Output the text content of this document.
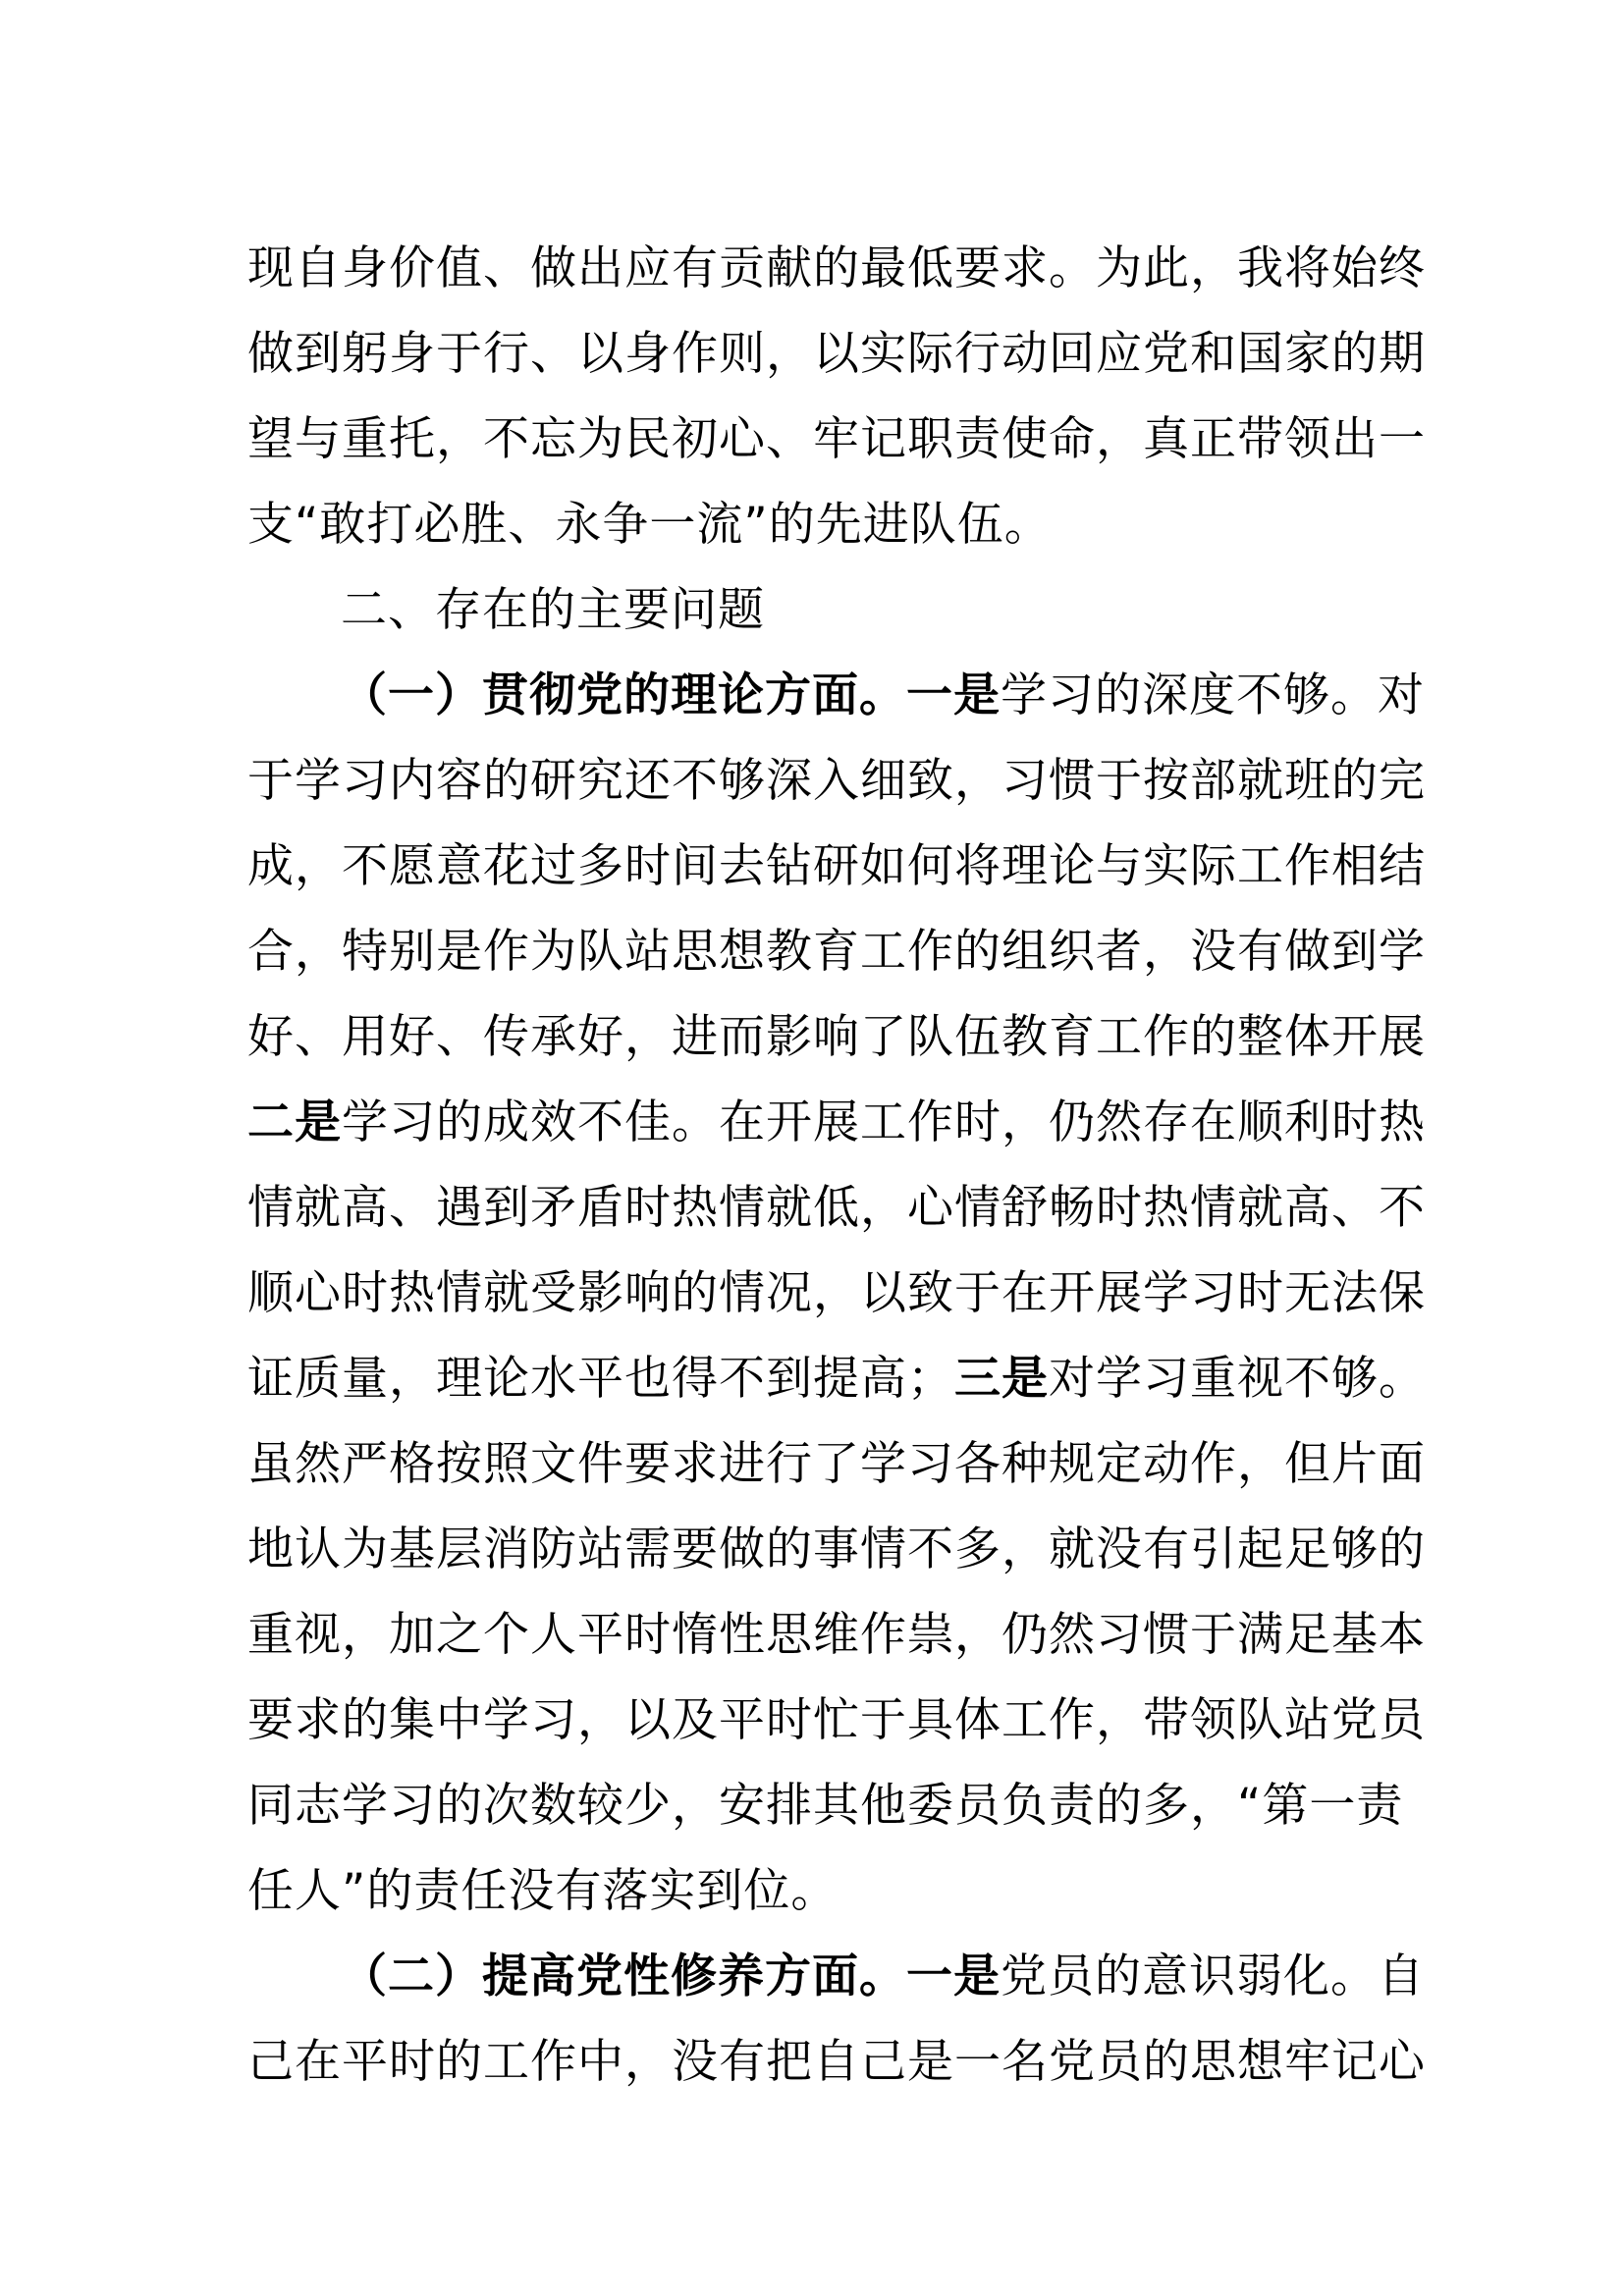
现自身价值、做出应有贡献的最低要求。为此，我将始终
做到躬身于行、以身作则，以实际行动回应党和国家的期
望与重托，不忘为民初心、牢记职责使命，真正带领出一
支“敢打必胜、永争一流”的先进队伍。
二、存在的主要问题
（一）贯彻党的理论方面。一是学习的深度不够。对
于学习内容的研究还不够深入细致，习惯于按部就班的完
成，不愿意花过多时间去钻研如何将理论与实际工作相结
合，特别是作为队站思想教育工作的组织者，没有做到学
好、用好、传承好，进而影响了队伍教育工作的整体开展
二是学习的成效不佳。在开展工作时，仍然存在顺利时热
情就高、遇到矛盾时热情就低，心情舒畅时热情就高、不
顺心时热情就受影响的情况，以致于在开展学习时无法保
证质量，理论水平也得不到提高；三是对学习重视不够。
虽然严格按照文件要求进行了学习各种规定动作，但片面
地认为基层消防站需要做的事情不多，就没有引起足够的
重视，加之个人平时惰性思维作祟，仍然习惯于满足基本
要求的集中学习，以及平时忙于具体工作，带领队站党员
同志学习的次数较少，安排其他委员负责的多，“第一责
任人”的责任没有落实到位。
（二）提高党性修养方面。一是党员的意识弱化。自
己在平时的工作中，没有把自己是一名党员的思想牢记心
